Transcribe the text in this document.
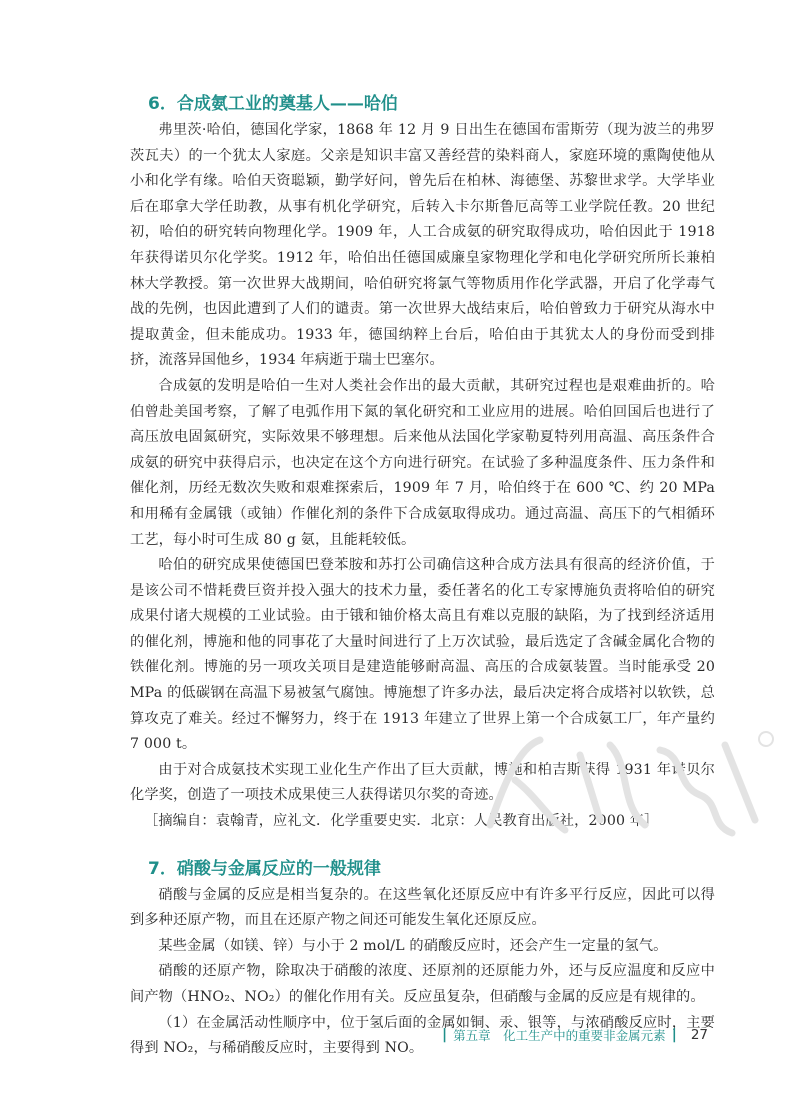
6．合成氨工业的奠基人——哈伯

弗里茨·哈伯，德国化学家，1868 年 12 月 9 日出生在德国布雷斯劳（现为波兰的弗罗茨瓦夫）的一个犹太人家庭。父亲是知识丰富又善经营的染料商人，家庭环境的熏陶使他从小和化学有缘。哈伯天资聪颖，勤学好问，曾先后在柏林、海德堡、苏黎世求学。大学毕业后在耶拿大学任助教，从事有机化学研究，后转入卡尔斯鲁厄高等工业学院任教。20 世纪初，哈伯的研究转向物理化学。1909 年，人工合成氨的研究取得成功，哈伯因此于 1918 年获得诺贝尔化学奖。1912 年，哈伯出任德国威廉皇家物理化学和电化学研究所所长兼柏林大学教授。第一次世界大战期间，哈伯研究将氯气等物质用作化学武器，开启了化学毒气战的先例，也因此遭到了人们的谴责。第一次世界大战结束后，哈伯曾致力于研究从海水中提取黄金，但未能成功。1933 年，德国纳粹上台后，哈伯由于其犹太人的身份而受到排挤，流落异国他乡，1934 年病逝于瑞士巴塞尔。

合成氨的发明是哈伯一生对人类社会作出的最大贡献，其研究过程也是艰难曲折的。哈伯曾赴美国考察，了解了电弧作用下氮的氧化研究和工业应用的进展。哈伯回国后也进行了高压放电固氮研究，实际效果不够理想。后来他从法国化学家勒夏特列用高温、高压条件合成氨的研究中获得启示，也决定在这个方向进行研究。在试验了多种温度条件、压力条件和催化剂，历经无数次失败和艰难探索后，1909 年 7 月，哈伯终于在 600 ℃、约 20 MPa 和用稀有金属锇（或铀）作催化剂的条件下合成氨取得成功。通过高温、高压下的气相循环工艺，每小时可生成 80 g 氨，且能耗较低。

哈伯的研究成果使德国巴登苯胺和苏打公司确信这种合成方法具有很高的经济价值，于是该公司不惜耗费巨资并投入强大的技术力量，委任著名的化工专家博施负责将哈伯的研究成果付诸大规模的工业试验。由于锇和铀价格太高且有难以克服的缺陷，为了找到经济适用的催化剂，博施和他的同事花了大量时间进行了上万次试验，最后选定了含碱金属化合物的铁催化剂。博施的另一项攻关项目是建造能够耐高温、高压的合成氨装置。当时能承受 20 MPa 的低碳钢在高温下易被氢气腐蚀。博施想了许多办法，最后决定将合成塔衬以软铁，总算攻克了难关。经过不懈努力，终于在 1913 年建立了世界上第一个合成氨工厂，年产量约 7 000 t。

由于对合成氨技术实现工业化生产作出了巨大贡献，博施和柏吉斯获得 1931 年诺贝尔化学奖，创造了一项技术成果使三人获得诺贝尔奖的奇迹。

［摘编自：袁翰青，应礼文．化学重要史实．北京：人民教育出版社，2000 年］

7．硝酸与金属反应的一般规律

硝酸与金属的反应是相当复杂的。在这些氧化还原反应中有许多平行反应，因此可以得到多种还原产物，而且在还原产物之间还可能发生氧化还原反应。

某些金属（如镁、锌）与小于 2 mol/L 的硝酸反应时，还会产生一定量的氢气。

硝酸的还原产物，除取决于硝酸的浓度、还原剂的还原能力外，还与反应温度和反应中间产物（HNO₂、NO₂）的催化作用有关。反应虽复杂，但硝酸与金属的反应是有规律的。

（1）在金属活动性顺序中，位于氢后面的金属如铜、汞、银等，与浓硝酸反应时，主要得到 NO₂，与稀硝酸反应时，主要得到 NO。

| 第五章　化工生产中的重要非金属元素 |	27
